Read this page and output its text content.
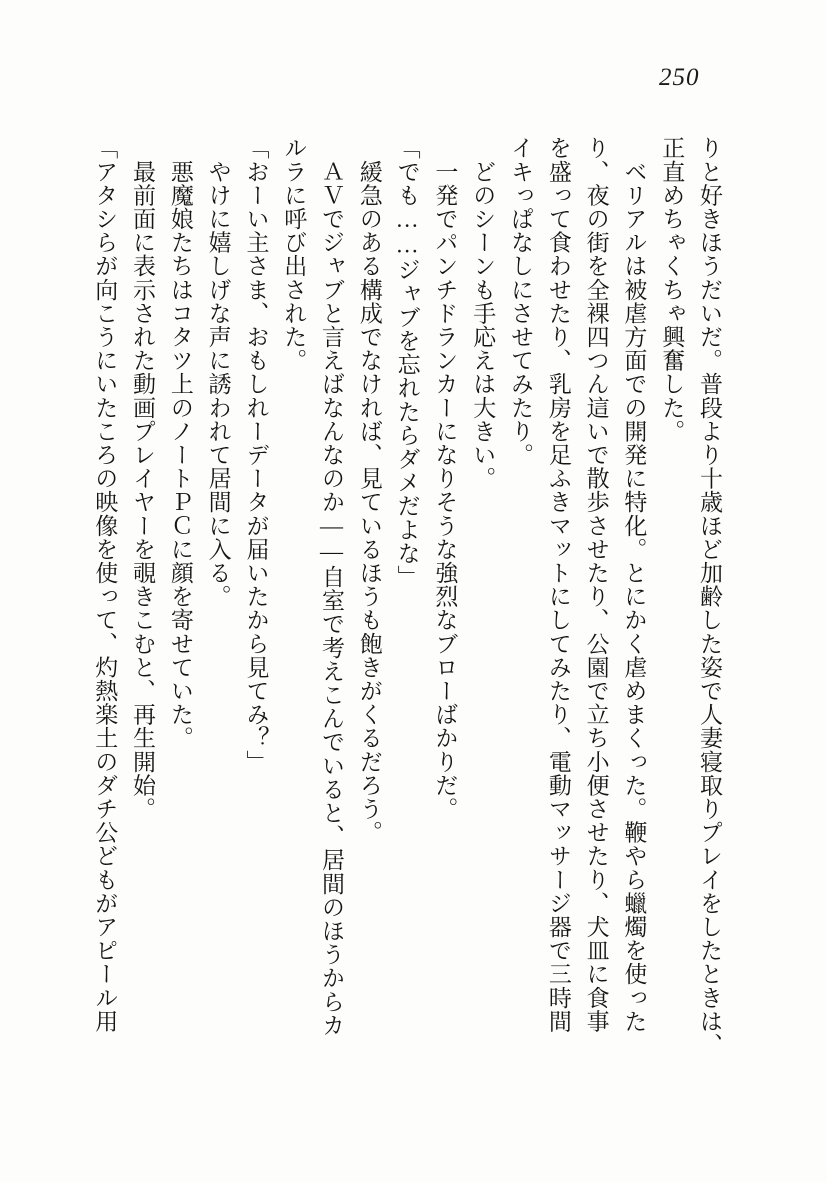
250
りと好きほうだいだ。普段より十歳ほど加齢した姿で人妻寝取りプレイをしたときは、
正直めちゃくちゃ興奮した。
　ベリアルは被虐方面での開発に特化。とにかく虐めまくった。鞭やら蠟燭を使った
り、夜の街を全裸四つん這いで散歩させたり、公園で立ち小便させたり、犬皿に食事
を盛って食わせたり、乳房を足ふきマットにしてみたり、電動マッサージ器で三時間
イキっぱなしにさせてみたり。
　どのシーンも手応えは大きい。
　一発でパンチドランカーになりそうな強烈なブローばかりだ。
「でも……ジャブを忘れたらダメだよな」
　緩急のある構成でなければ、見ているほうも飽きがくるだろう。
　ＡＶでジャブと言えばなんなのか――自室で考えこんでいると、居間のほうからカ
ルラに呼び出された。
「おーい主さま、おもしれーデータが届いたから見てみ？」
　やけに嬉しげな声に誘われて居間に入る。
　悪魔娘たちはコタツ上のノートＰＣに顔を寄せていた。
　最前面に表示された動画プレイヤーを覗きこむと、再生開始。
「アタシらが向こうにいたころの映像を使って、灼熱楽土のダチ公どもがアピール用
